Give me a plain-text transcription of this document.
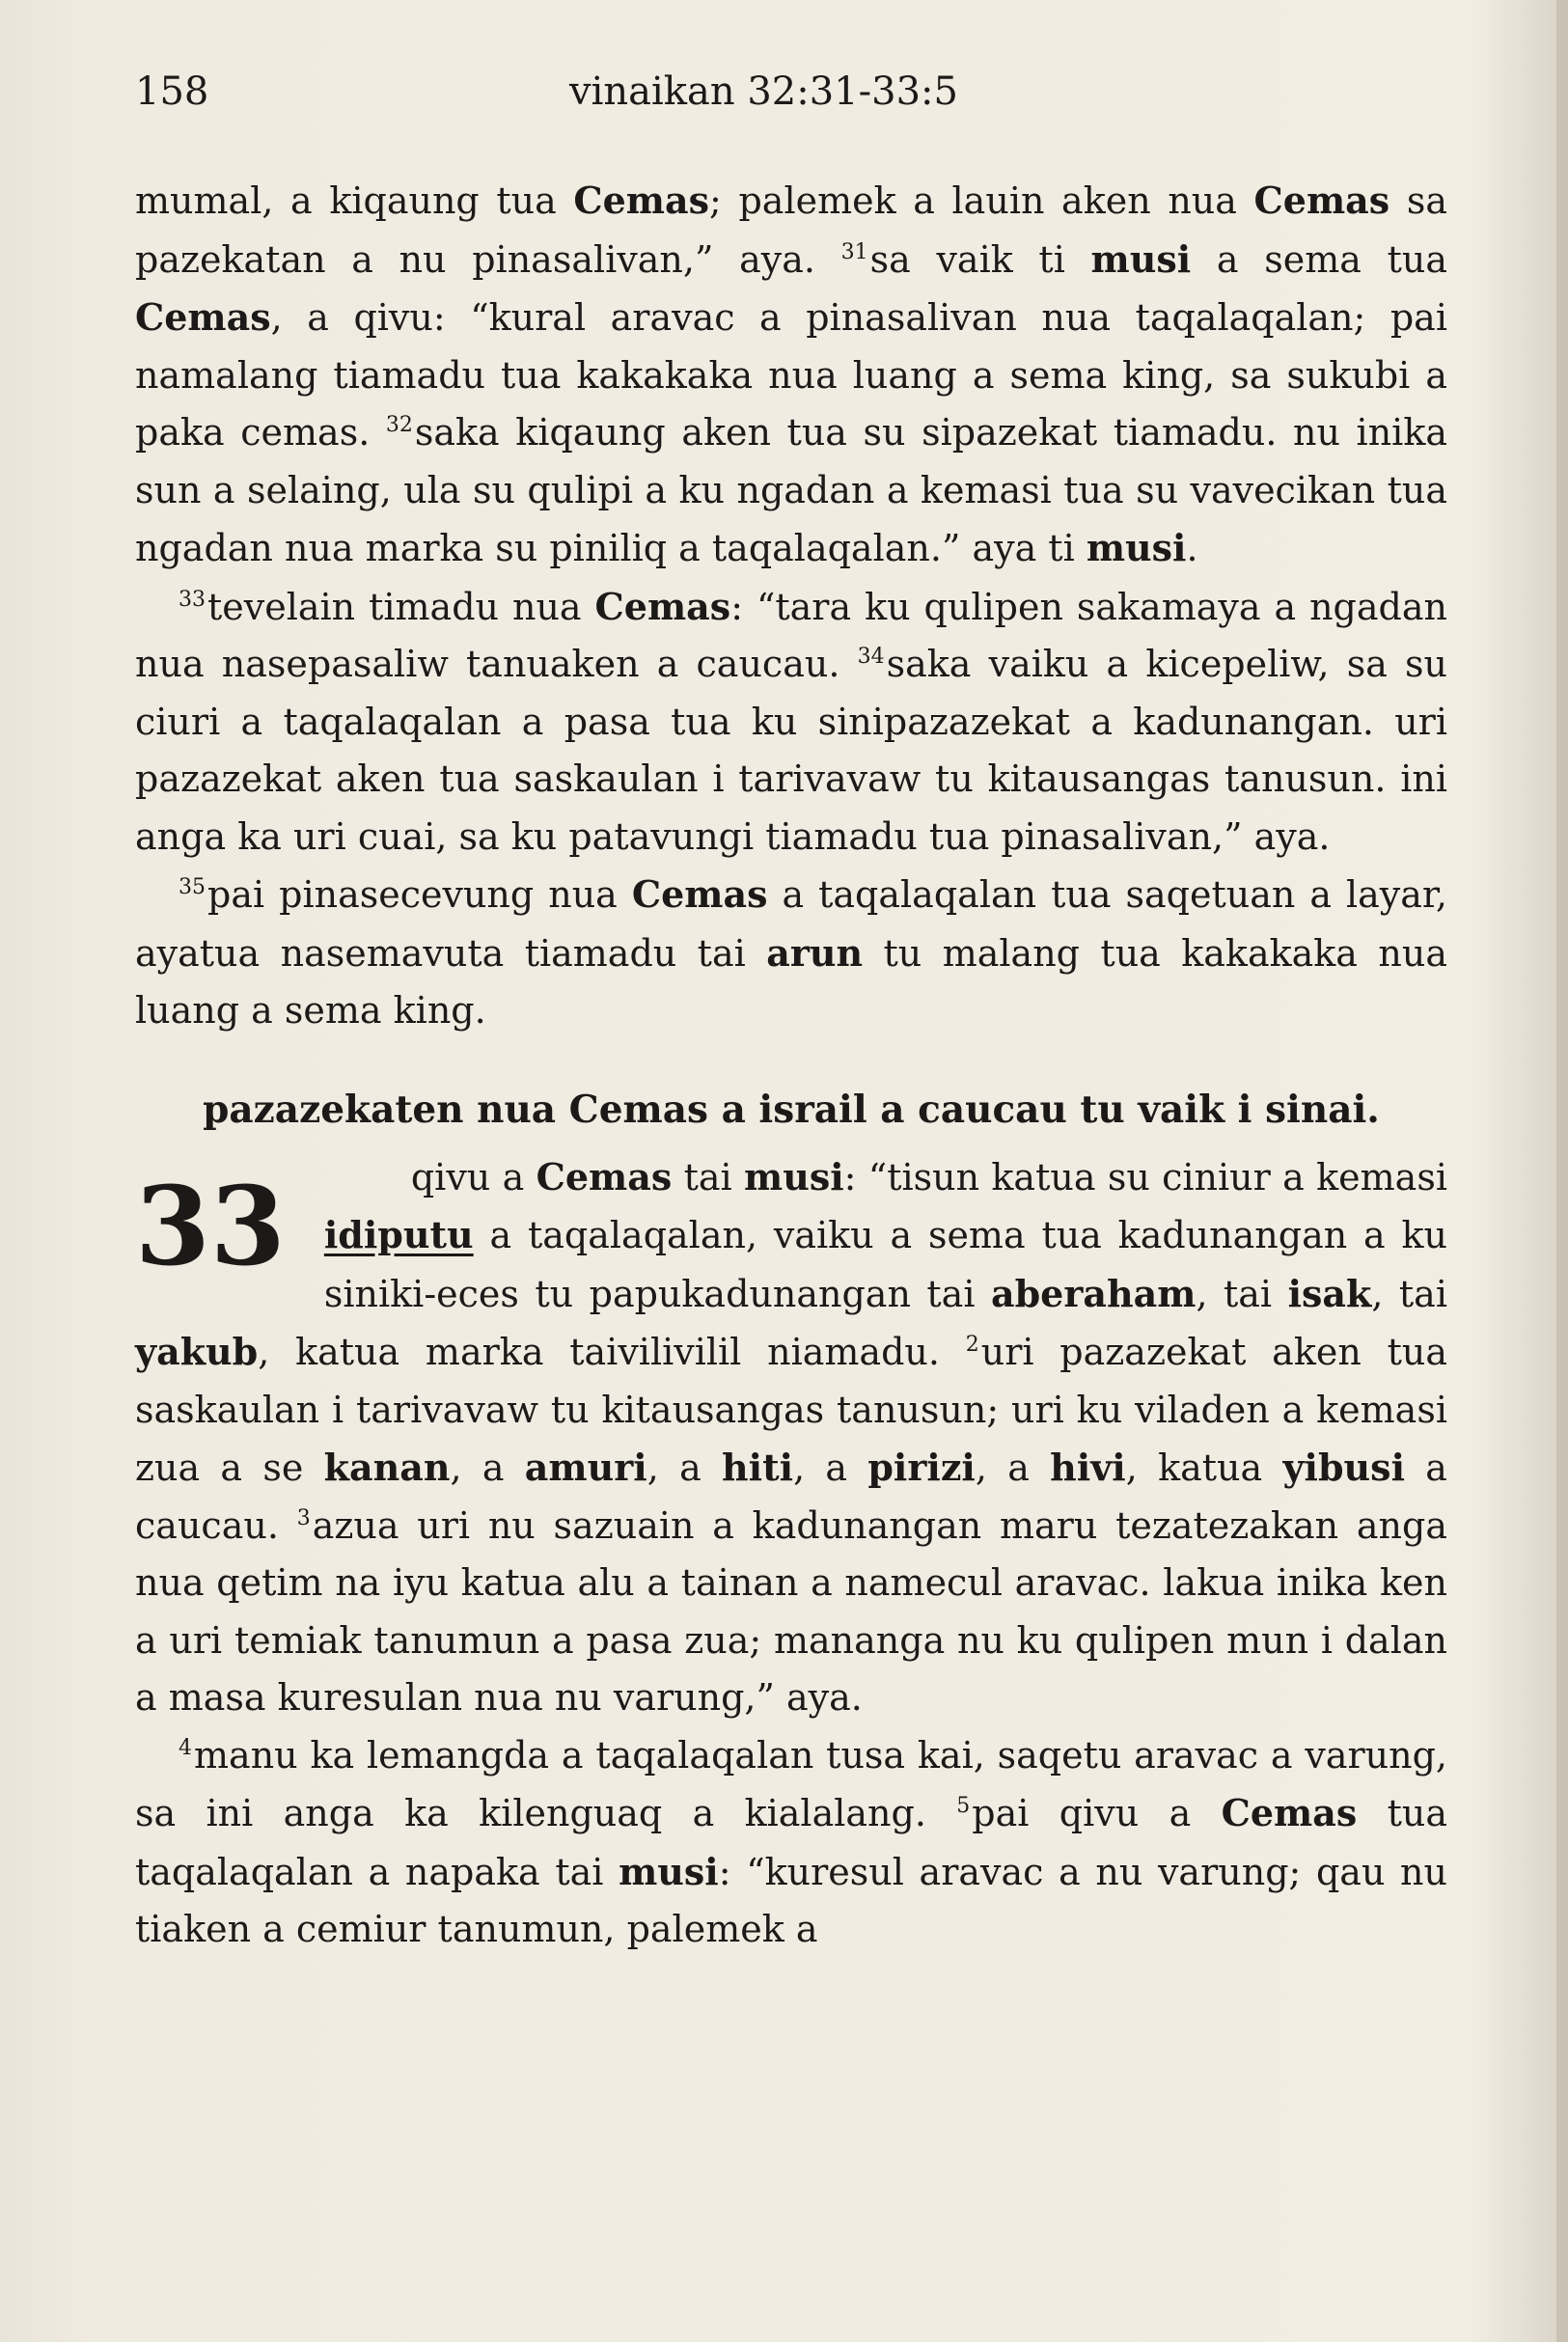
158	vinaikan 32:31-33:5

mumal, a kiqaung tua Cemas; palemek a lauin aken nua Cemas sa pazekatan a nu pinasalivan,” aya. $^{31}$sa vaik ti musi a sema tua Cemas, a qivu: “kural aravac a pinasalivan nua taqalaqalan; pai namalang tiamadu tua kakakaka nua luang a sema king, sa sukubi a paka cemas. $^{32}$saka kiqaung aken tua su sipazekat tiamadu. nu inika sun a selaing, ula su qulipi a ku ngadan a kemasi tua su vavecikan tua ngadan nua marka su piniliq a taqalaqalan.” aya ti musi.

$^{33}$tevelain timadu nua Cemas: “tara ku qulipen sakamaya a ngadan nua nasepasaliw tanuaken a caucau. $^{34}$saka vaiku a kicepeliw, sa su ciuri a taqalaqalan a pasa tua ku sinipazazekat a kadunangan. uri pazazekat aken tua saskaulan i tarivavaw tu kitausangas tanusun. ini anga ka uri cuai, sa ku patavungi tiamadu tua pinasalivan,” aya.

$^{35}$pai pinasecevung nua Cemas a taqalaqalan tua saqetuan a layar, ayatua nasemavuta tiamadu tai arun tu malang tua kakakaka nua luang a sema king.

pazazekaten nua Cemas a israil a caucau tu vaik i sinai.

33	qivu a Cemas tai musi: “tisun katua su ciniur a kemasi idiputu a taqalaqalan, vaiku a sema tua kadunangan a ku siniki-eces tu papukadunangan tai aberaham, tai isak, tai yakub, katua marka taivilivilil niamadu. $^2$uri pazazekat aken tua saskaulan i tarivavaw tu kitausangas tanusun; uri ku viladen a kemasi zua a se kanan, a amuri, a hiti, a pirizi, a hivi, katua yibusi a caucau. $^3$azua uri nu sazuain a kadunangan maru tezatezakan anga nua qetim na iyu katua alu a tainan a namecul aravac. lakua inika ken a uri temiak tanumun a pasa zua; mananga nu ku qulipen mun i dalan a masa kuresulan nua nu varung,” aya.

$^4$manu ka lemangda a taqalaqalan tusa kai, saqetu aravac a varung, sa ini anga ka kilenguaq a kialalang. $^5$pai qivu a Cemas tua taqalaqalan a napaka tai musi: “kuresul aravac a nu varung; qau nu tiaken a cemiur tanumun, palemek a
